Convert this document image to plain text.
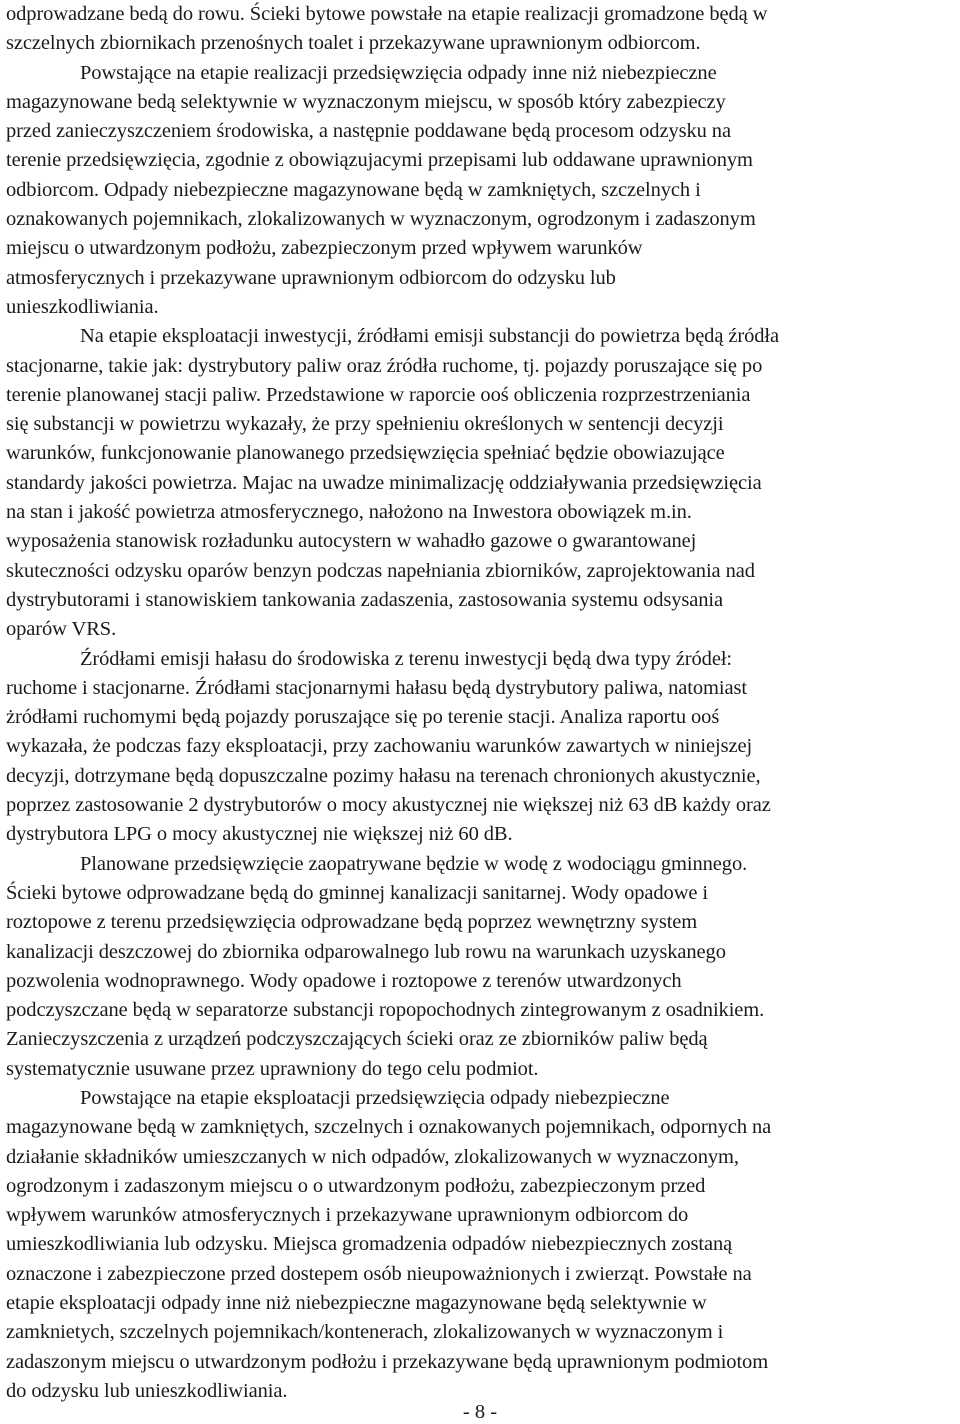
odprowadzane bedą do rowu. Ścieki bytowe powstałe na etapie realizacji gromadzone będą w
szczelnych zbiornikach przenośnych toalet i przekazywane uprawnionym odbiorcom.
Powstające na etapie realizacji przedsięwzięcia odpady inne niż niebezpieczne
magazynowane bedą selektywnie w wyznaczonym miejscu, w sposób który zabezpieczy
przed zanieczyszczeniem środowiska, a następnie poddawane będą procesom odzysku na
terenie przedsięwzięcia, zgodnie z obowiązujacymi przepisami lub oddawane uprawnionym
odbiorcom. Odpady niebezpieczne magazynowane będą w zamkniętych, szczelnych i
oznakowanych pojemnikach, zlokalizowanych w wyznaczonym, ogrodzonym i zadaszonym
miejscu o utwardzonym podłożu, zabezpieczonym przed wpływem warunków
atmosferycznych i przekazywane uprawnionym odbiorcom do odzysku lub
unieszkodliwiania.
Na etapie eksploatacji inwestycji, źródłami emisji substancji do powietrza będą źródła
stacjonarne, takie jak: dystrybutory paliw oraz źródła ruchome, tj. pojazdy poruszające się po
terenie planowanej stacji paliw. Przedstawione w raporcie ooś obliczenia rozprzestrzeniania
się substancji w powietrzu wykazały, że przy spełnieniu określonych w sentencji decyzji
warunków, funkcjonowanie planowanego przedsięwzięcia spełniać będzie obowiazujące
standardy jakości powietrza. Majac na uwadze minimalizację oddziaływania przedsięwzięcia
na stan i jakość powietrza atmosferycznego, nałożono na Inwestora obowiązek m.in.
wyposażenia stanowisk rozładunku autocystern w wahadło gazowe o gwarantowanej
skuteczności odzysku oparów benzyn podczas napełniania zbiorników, zaprojektowania nad
dystrybutorami i stanowiskiem tankowania zadaszenia, zastosowania systemu odsysania
oparów VRS.
Źródłami emisji hałasu do środowiska z terenu inwestycji będą dwa typy źródeł:
ruchome i stacjonarne. Źródłami stacjonarnymi hałasu będą dystrybutory paliwa, natomiast
żródłami ruchomymi będą pojazdy poruszające się po terenie stacji. Analiza raportu ooś
wykazała, że podczas fazy eksploatacji, przy zachowaniu warunków zawartych w niniejszej
decyzji, dotrzymane będą dopuszczalne pozimy hałasu na terenach chronionych akustycznie,
poprzez zastosowanie 2 dystrybutorów o mocy akustycznej nie większej niż 63 dB każdy oraz
dystrybutora LPG o mocy akustycznej nie większej niż 60 dB.
Planowane przedsięwzięcie zaopatrywane będzie w wodę z wodociągu gminnego.
Ścieki bytowe odprowadzane będą do gminnej kanalizacji sanitarnej. Wody opadowe i
roztopowe z terenu przedsięwzięcia odprowadzane będą poprzez wewnętrzny system
kanalizacji deszczowej do zbiornika odparowalnego lub rowu na warunkach uzyskanego
pozwolenia wodnoprawnego. Wody opadowe i roztopowe z terenów utwardzonych
podczyszczane będą w separatorze substancji ropopochodnych zintegrowanym z osadnikiem.
Zanieczyszczenia z urządzeń podczyszczających ścieki oraz ze zbiorników paliw będą
systematycznie usuwane przez uprawniony do tego celu podmiot.
Powstające na etapie eksploatacji przedsięwzięcia odpady niebezpieczne
magazynowane będą w zamkniętych, szczelnych i oznakowanych pojemnikach, odpornych na
działanie składników umieszczanych w nich odpadów, zlokalizowanych w wyznaczonym,
ogrodzonym i zadaszonym miejscu o o utwardzonym podłożu, zabezpieczonym przed
wpływem warunków atmosferycznych i przekazywane uprawnionym odbiorcom do
umieszkodliwiania lub odzysku. Miejsca gromadzenia odpadów niebezpiecznych zostaną
oznaczone i zabezpieczone przed dostepem osób nieupoważnionych i zwierząt. Powstałe na
etapie eksploatacji odpady inne niż niebezpieczne magazynowane będą selektywnie w
zamknietych, szczelnych pojemnikach/kontenerach, zlokalizowanych w wyznaczonym i
zadaszonym miejscu o utwardzonym podłożu i przekazywane będą uprawnionym podmiotom
do odzysku lub unieszkodliwiania.
- 8 -
